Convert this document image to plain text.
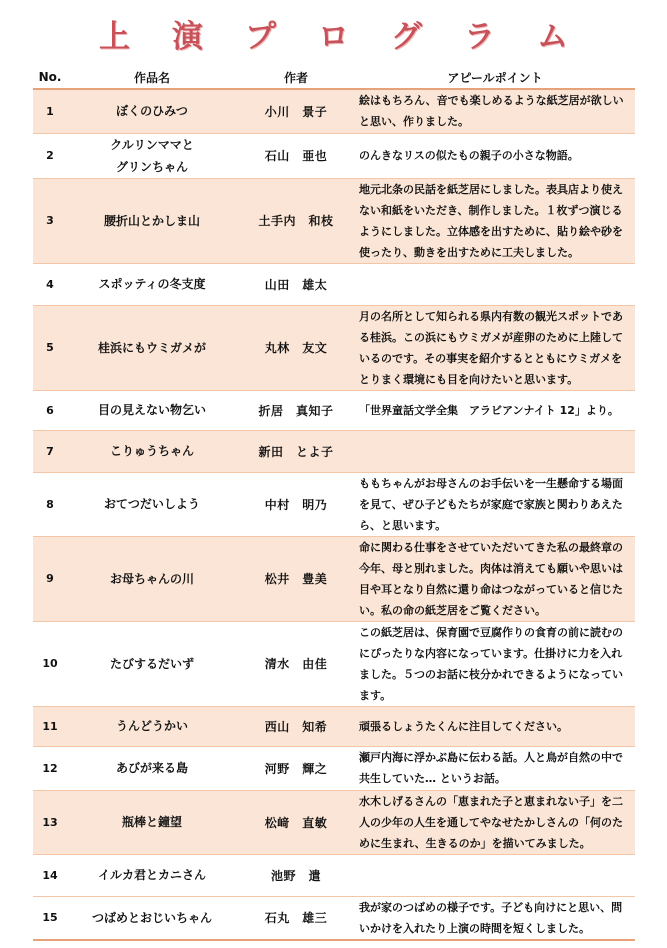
上 演 プ ロ グ ラ ム
No.	作品名	作者	アピールポイント
1	ぼくのひみつ	小川　景子	絵はもちろん、音でも楽しめるような紙芝居が欲しいと思い、作りました。
2	クルリンママと
グリンちゃん	石山　亜也	のんきなリスの似たもの親子の小さな物語。
3	腰折山とかしま山	土手内　和枝	地元北条の民話を紙芝居にしました。表具店より使えない和紙をいただき、制作しました。１枚ずつ演じるようにしました。立体感を出すために、貼り絵や砂を使ったり、動きを出すために工夫しました。
4	スポッティの冬支度	山田　雄太	
5	桂浜にもウミガメが	丸林　友文	月の名所として知られる県内有数の観光スポットである桂浜。この浜にもウミガメが産卵のために上陸しているのです。その事実を紹介するとともにウミガメをとりまく環境にも目を向けたいと思います。
6	目の見えない物乞い	折居　真知子	「世界童話文学全集　アラビアンナイト 12」より。
7	こりゅうちゃん	新田　とよ子	
8	おてつだいしよう	中村　明乃	ももちゃんがお母さんのお手伝いを一生懸命する場面を見て、ぜひ子どもたちが家庭で家族と関わりあえたら、と思います。
9	お母ちゃんの川	松井　豊美	命に関わる仕事をさせていただいてきた私の最終章の今年、母と別れました。肉体は消えても願いや思いは目や耳となり自然に還り命はつながっていると信じたい。私の命の紙芝居をご覧ください。
10	たびするだいず	清水　由佳	この紙芝居は、保育園で豆腐作りの食育の前に読むのにぴったりな内容になっています。仕掛けに力を入れました。５つのお話に枝分かれできるようになっています。
11	うんどうかい	西山　知希	頑張るしょうたくんに注目してください。
12	あびが来る島	河野　輝之	瀬戸内海に浮かぶ島に伝わる話。人と鳥が自然の中で共生していた… というお話。
13	瓶棒と鐘望	松﨑　直敏	水木しげるさんの「恵まれた子と恵まれない子」を二人の少年の人生を通してやなせたかしさんの「何のために生まれ、生きるのか」を描いてみました。
14	イルカ君とカニさん	池野　遣	
15	つばめとおじいちゃん	石丸　雄三	我が家のつばめの様子です。子ども向けにと思い、問いかけを入れたり上演の時間を短くしました。
